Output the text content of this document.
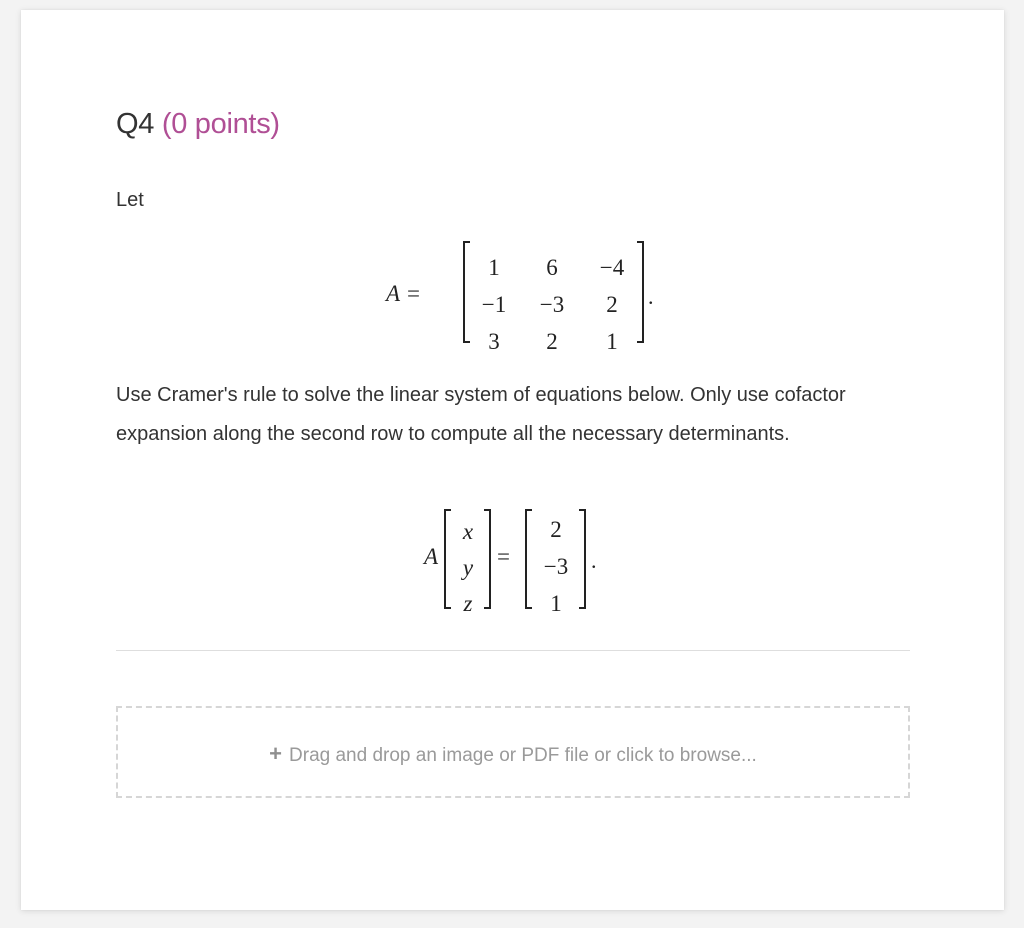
Q4 (0 points)
Let
A =
1	6	−4
−1	−3	2
3	2	1
.
Use Cramer's rule to solve the linear system of equations below. Only use cofactor expansion along the second row to compute all the necessary determinants.
A
x
y
z
=
2
−3
1
.
+ Drag and drop an image or PDF file or click to browse...
